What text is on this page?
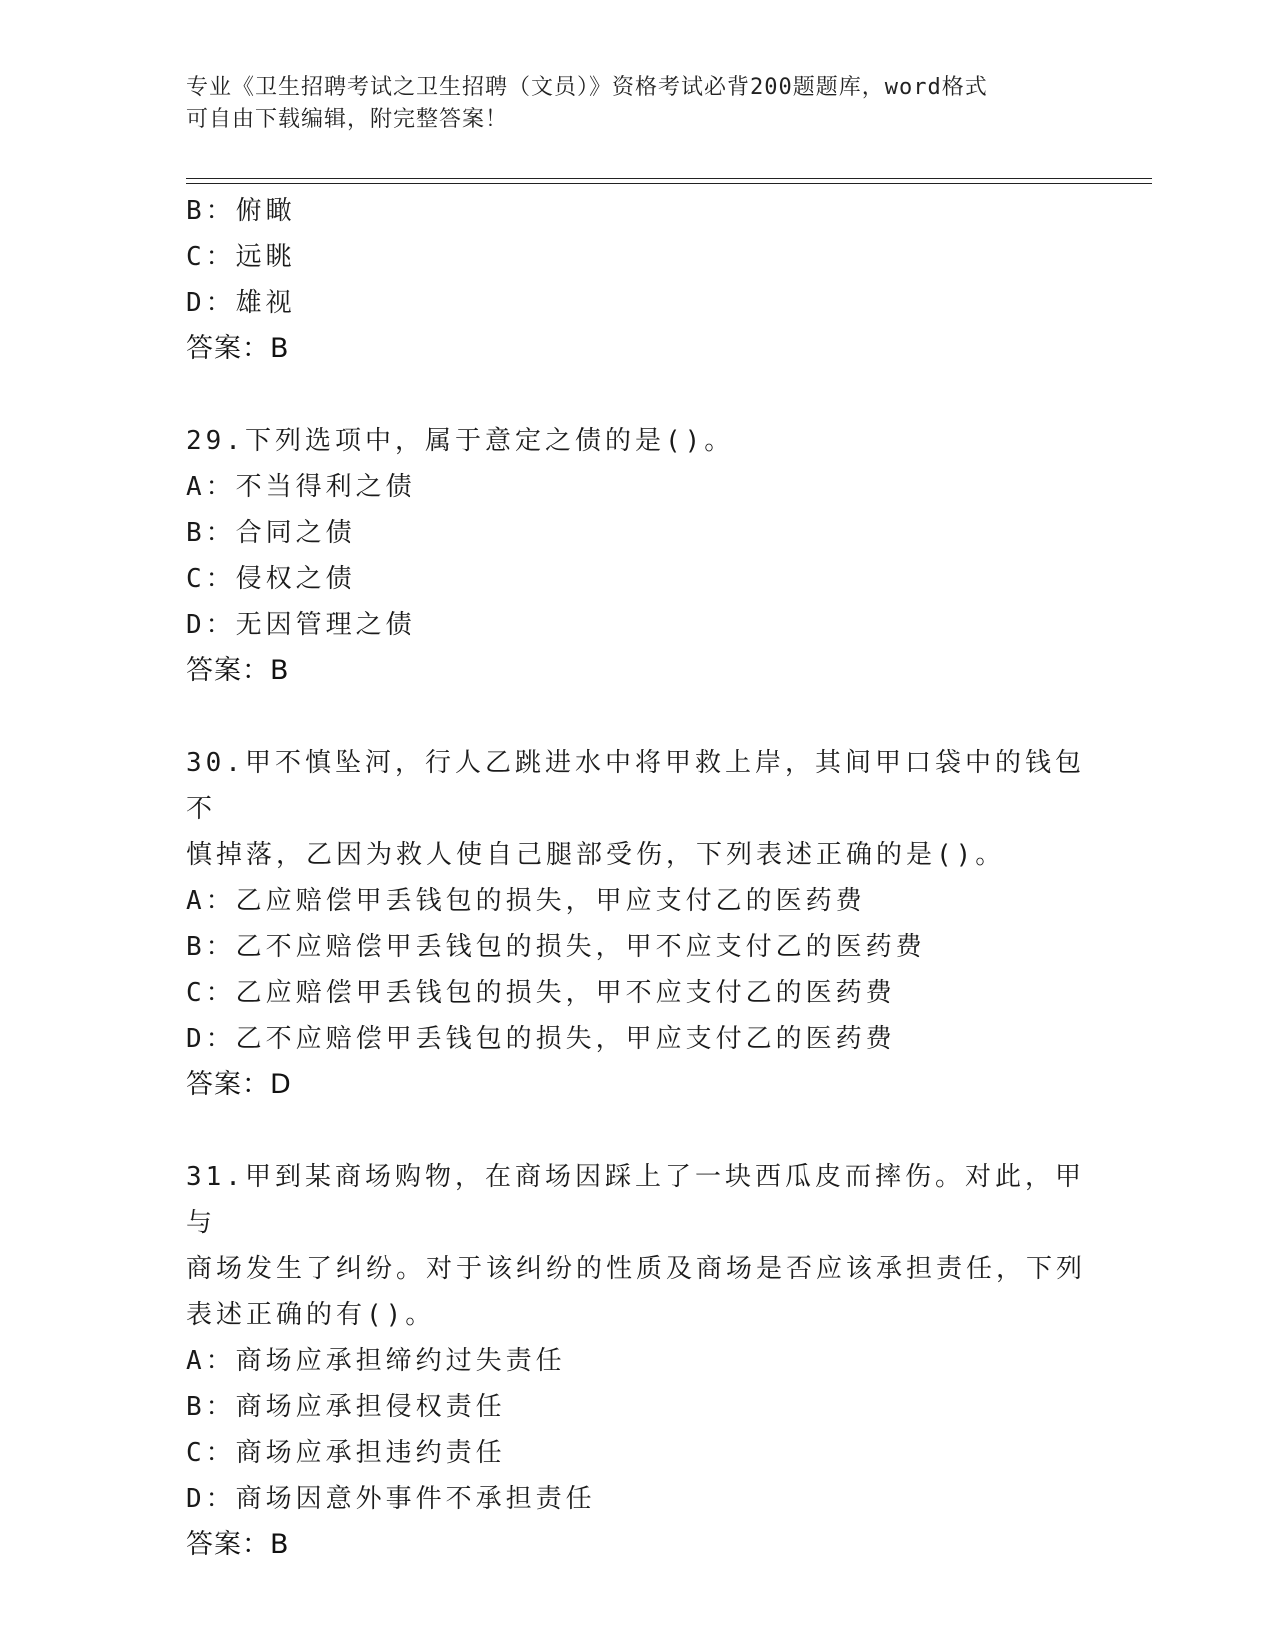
专业《卫生招聘考试之卫生招聘（文员）》资格考试必背200题题库，word格式
可自由下载编辑，附完整答案！
B：俯瞰
C：远眺
D：雄视
答案：B
29.下列选项中，属于意定之债的是()。
A：不当得利之债
B：合同之债
C：侵权之债
D：无因管理之债
答案：B
30.甲不慎坠河，行人乙跳进水中将甲救上岸，其间甲口袋中的钱包不
慎掉落，乙因为救人使自己腿部受伤，下列表述正确的是()。
A：乙应赔偿甲丢钱包的损失，甲应支付乙的医药费
B：乙不应赔偿甲丢钱包的损失，甲不应支付乙的医药费
C：乙应赔偿甲丢钱包的损失，甲不应支付乙的医药费
D：乙不应赔偿甲丢钱包的损失，甲应支付乙的医药费
答案：D
31.甲到某商场购物，在商场因踩上了一块西瓜皮而摔伤。对此，甲与
商场发生了纠纷。对于该纠纷的性质及商场是否应该承担责任，下列
表述正确的有()。
A：商场应承担缔约过失责任
B：商场应承担侵权责任
C：商场应承担违约责任
D：商场因意外事件不承担责任
答案：B
